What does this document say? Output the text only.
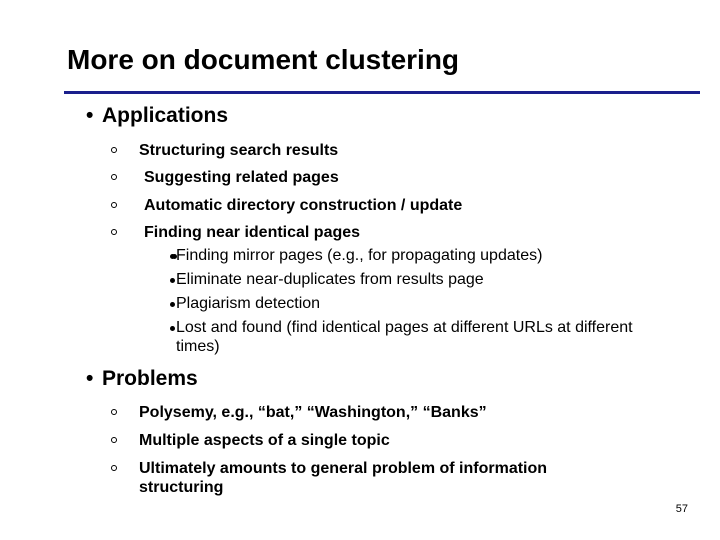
More on document clustering
• Applications
Structuring search results
Suggesting related pages
Automatic directory construction / update
Finding near identical pages
Finding mirror pages (e.g., for propagating updates)
Eliminate near-duplicates from results page
Plagiarism detection
Lost and found (find identical pages at different URLs at different times)
• Problems
Polysemy, e.g., “bat,” “Washington,” “Banks”
Multiple aspects of a single topic
Ultimately amounts to general problem of information structuring
57
